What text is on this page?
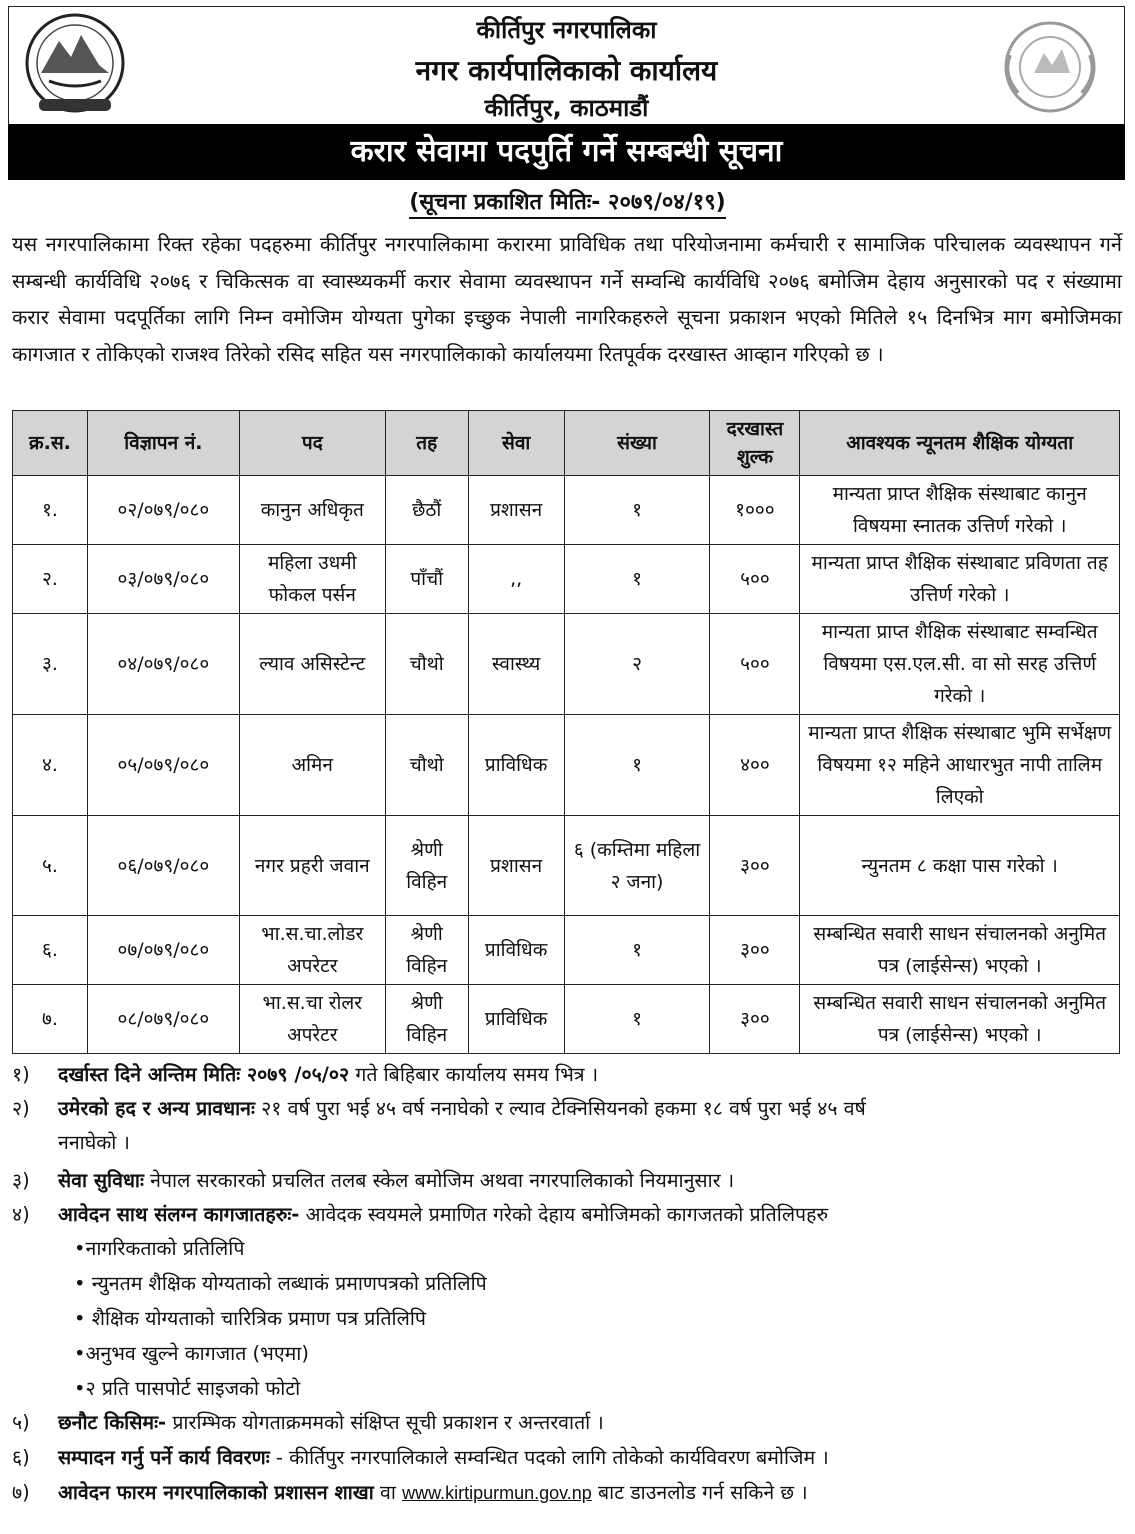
कीर्तिपुर नगरपालिका
नगर कार्यपालिकाको कार्यालय
कीर्तिपुर, काठमाडौं
करार सेवामा पदपुर्ति गर्ने सम्बन्धी सूचना
(सूचना प्रकाशित मितिः- २०७९/०४/१९)
यस नगरपालिकामा रिक्त रहेका पदहरुमा कीर्तिपुर नगरपालिकामा करारमा प्राविधिक तथा परियोजनामा कर्मचारी र सामाजिक परिचालक व्यवस्थापन गर्ने सम्बन्धी कार्यविधि २०७६ र चिकित्सक वा स्वास्थ्यकर्मी करार सेवामा व्यवस्थापन गर्ने सम्वन्धि कार्यविधि २०७६ बमोजिम देहाय अनुसारको पद र संख्यामा करार सेवामा पदपूर्तिका लागि निम्न वमोजिम योग्यता पुगेका इच्छुक नेपाली नागरिकहरुले सूचना प्रकाशन भएको मितिले १५ दिनभित्र माग बमोजिमका कागजात र तोकिएको राजश्व तिरेको रसिद सहित यस नगरपालिकाको कार्यालयमा रितपूर्वक दरखास्त आव्हान गरिएको छ ।
क्र.स.	विज्ञापन नं.	पद	तह	सेवा	संख्या	दरखास्त शुल्क	आवश्यक न्यूनतम शैक्षिक योग्यता
१.	०२/०७९/०८०	कानुन अधिकृत	छैठौं	प्रशासन	१	१०००	मान्यता प्राप्त शैक्षिक संस्थाबाट कानुन विषयमा स्नातक उत्तिर्ण गरेको ।
२.	०३/०७९/०८०	महिला उधमी फोकल पर्सन	पाँचौं	,,	१	५००	मान्यता प्राप्त शैक्षिक संस्थाबाट प्रविणता तह उत्तिर्ण गरेको ।
३.	०४/०७९/०८०	ल्याव असिस्टेन्ट	चौथो	स्वास्थ्य	२	५००	मान्यता प्राप्त शैक्षिक संस्थाबाट सम्वन्धित विषयमा एस.एल.सी. वा सो सरह उत्तिर्ण गरेको ।
४.	०५/०७९/०८०	अमिन	चौथो	प्राविधिक	१	४००	मान्यता प्राप्त शैक्षिक संस्थाबाट भुमि सर्भेक्षण विषयमा १२ महिने आधारभुत नापी तालिम लिएको
५.	०६/०७९/०८०	नगर प्रहरी जवान	श्रेणी विहिन	प्रशासन	६ (कम्तिमा महिला २ जना)	३००	न्युनतम ८ कक्षा पास गरेको ।
६.	०७/०७९/०८०	भा.स.चा.लोडर अपरेटर	श्रेणी विहिन	प्राविधिक	१	३००	सम्बन्धित सवारी साधन संचालनको अनुमित पत्र (लाईसेन्स) भएको ।
७.	०८/०७९/०८०	भा.स.चा रोलर अपरेटर	श्रेणी विहिन	प्राविधिक	१	३००	सम्बन्धित सवारी साधन संचालनको अनुमित पत्र (लाईसेन्स) भएको ।
१) दर्खास्त दिने अन्तिम मितिः २०७९ /०५/०२ गते बिहिबार कार्यालय समय भित्र ।
२) उमेरको हद र अन्य प्रावधानः २१ वर्ष पुरा भई ४५ वर्ष ननाघेको र ल्याव टेक्निसियनको हकमा १८ वर्ष पुरा भई ४५ वर्ष
ननाघेको ।
३) सेवा सुविधाः नेपाल सरकारको प्रचलित तलब स्केल बमोजिम अथवा नगरपालिकाको नियमानुसार ।
४) आवेदन साथ संलग्न कागजातहरुः- आवेदक स्वयमले प्रमाणित गरेको देहाय बमोजिमको कागजतको प्रतिलिपहरु
•नागरिकताको प्रतिलिपि
• न्युनतम शैक्षिक योग्यताको लब्धाकं प्रमाणपत्रको प्रतिलिपि
• शैक्षिक योग्यताको चारित्रिक प्रमाण पत्र प्रतिलिपि
•अनुभव खुल्ने कागजात (भएमा)
•२ प्रति पासपोर्ट साइजको फोटो
५) छनौट किसिमः- प्रारम्भिक योगताक्रममको संक्षिप्त सूची प्रकाशन र अन्तरवार्ता ।
६) सम्पादन गर्नु पर्ने कार्य विवरणः - कीर्तिपुर नगरपालिकाले सम्वन्धित पदको लागि तोकेको कार्यविवरण बमोजिम ।
७) आवेदन फारम नगरपालिकाको प्रशासन शाखा वा www.kirtipurmun.gov.np बाट डाउनलोड गर्न सकिने छ ।
